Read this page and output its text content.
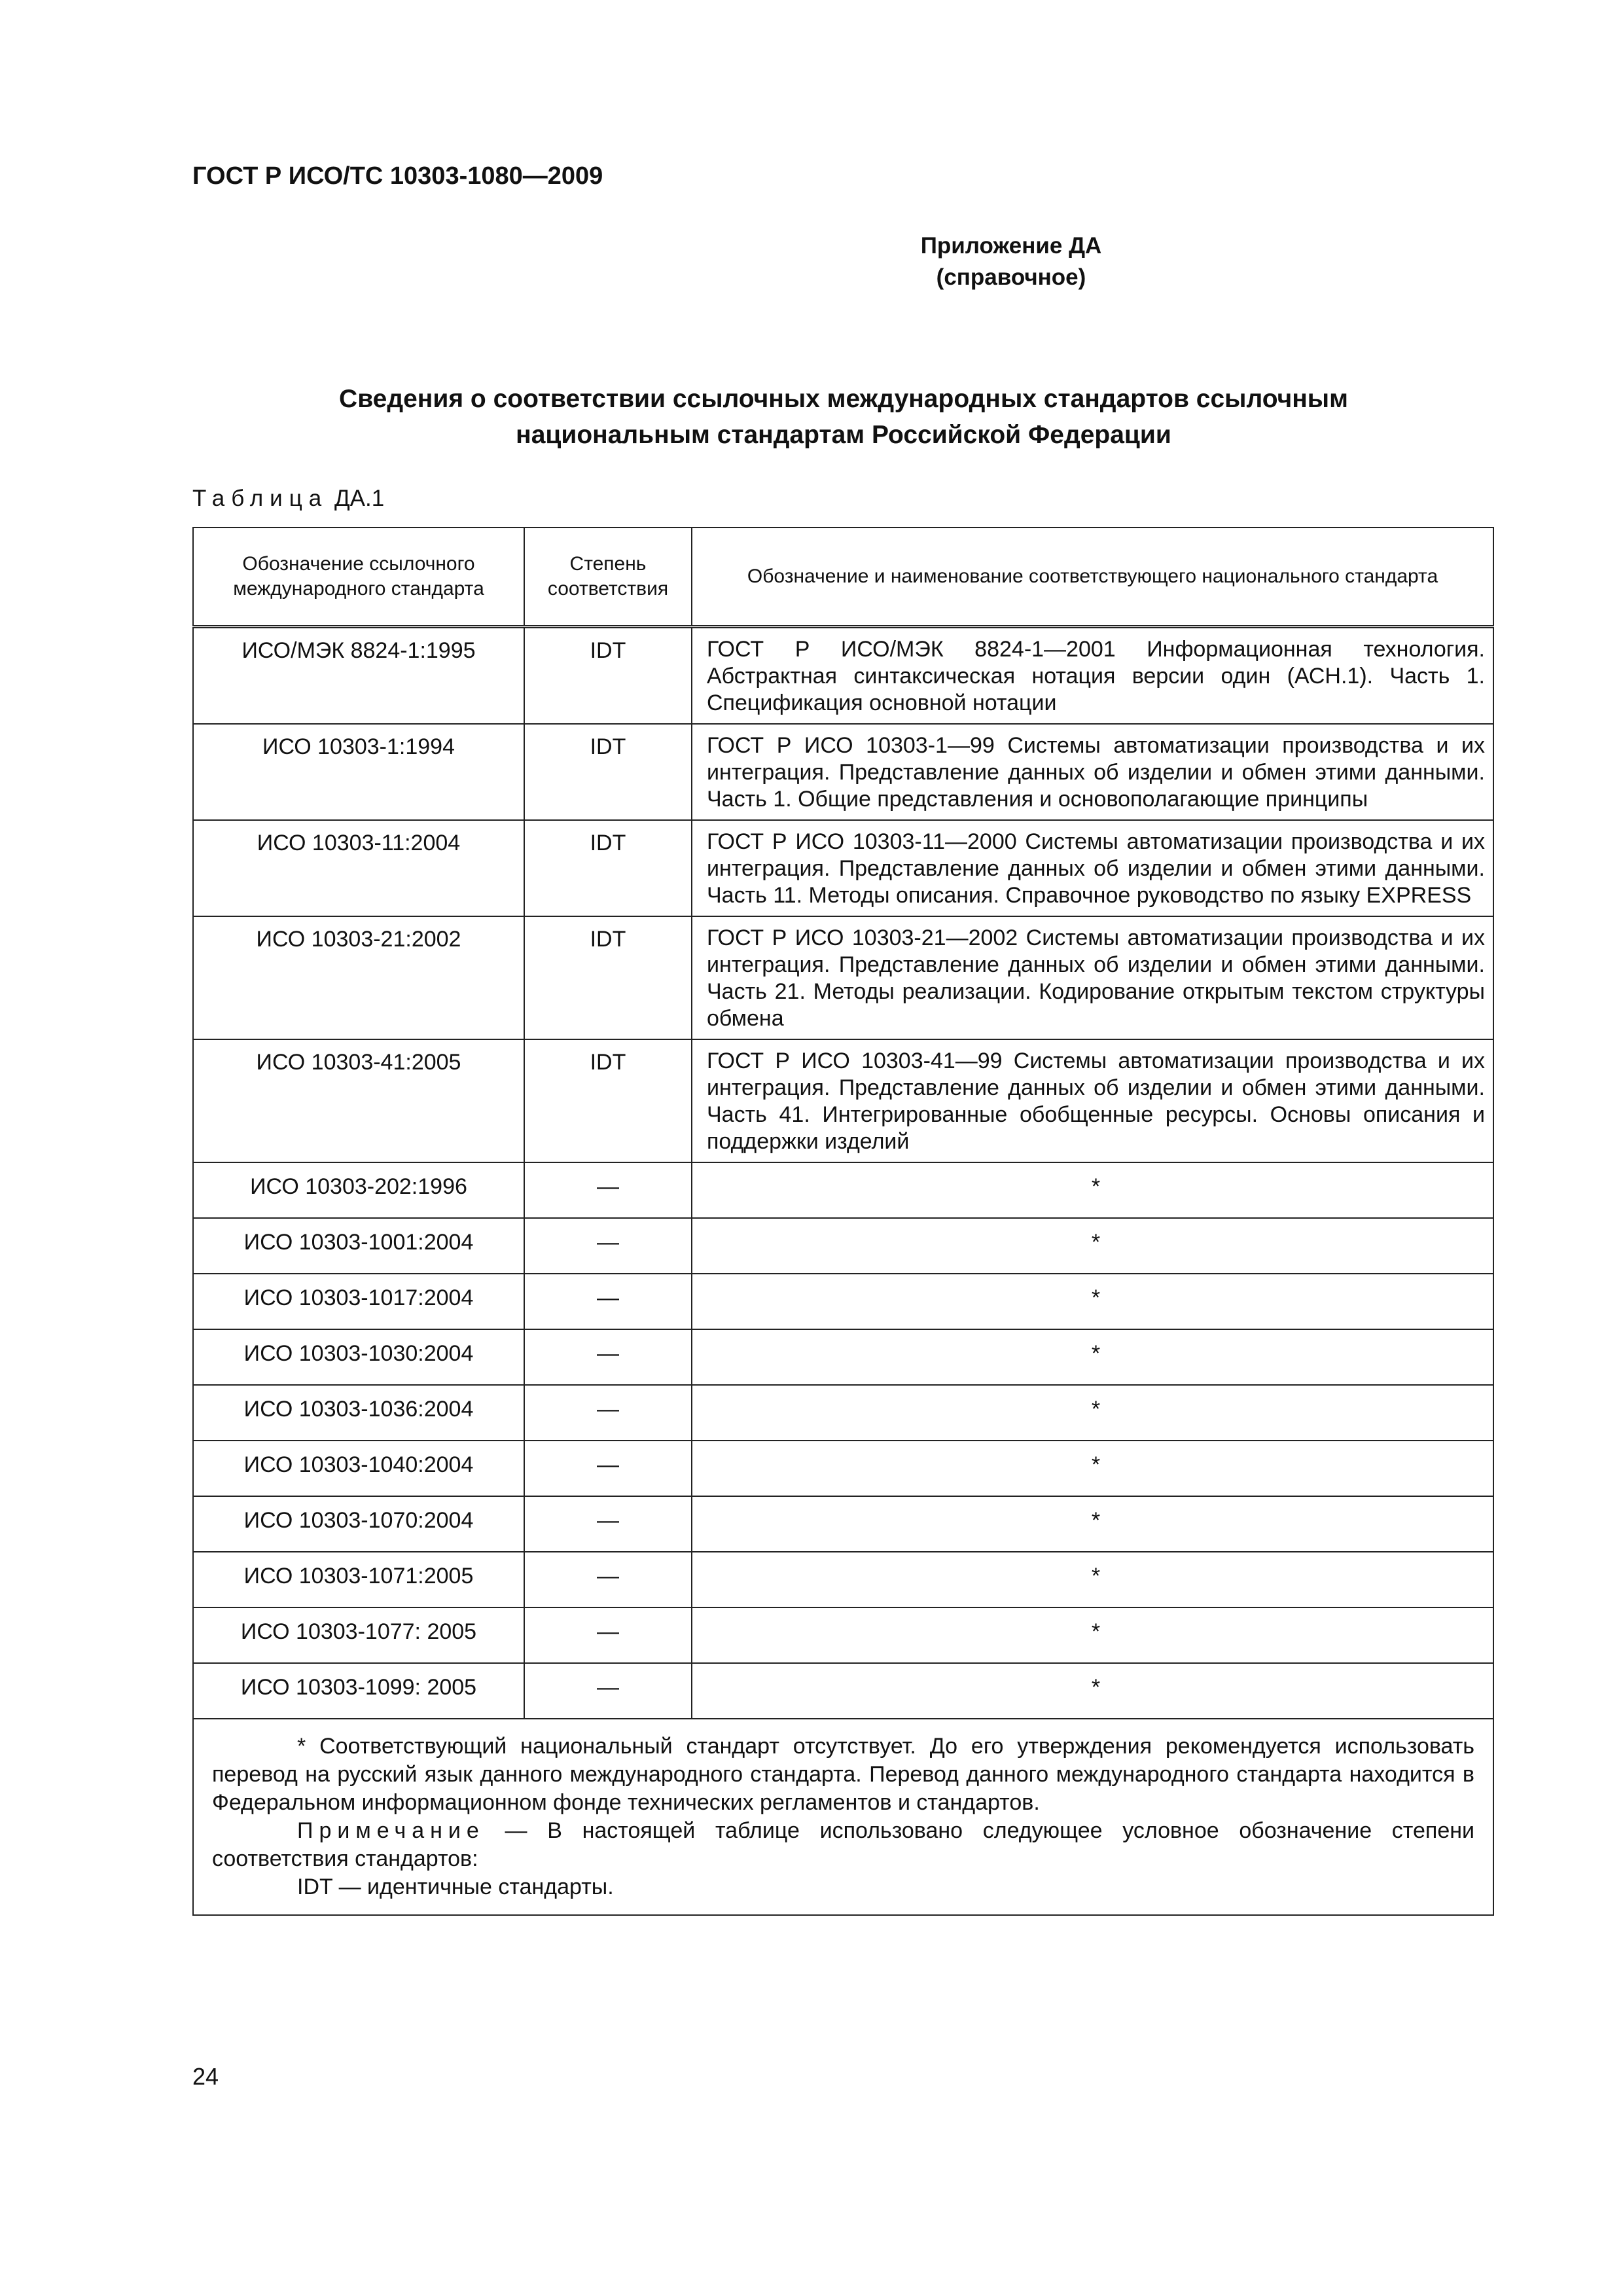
ГОСТ Р ИСО/ТС 10303-1080—2009
Приложение ДА
(справочное)
Сведения о соответствии ссылочных международных стандартов ссылочным
национальным стандартам Российской Федерации
Таблица ДА.1
Обозначение ссылочного международного стандарта	Степень соответствия	Обозначение и наименование соответствующего национального стандарта
ИСО/МЭК 8824-1:1995	IDT	ГОСТ Р ИСО/МЭК 8824-1—2001 Информационная технология. Абстрактная синтаксическая нотация версии один (АСН.1). Часть 1. Спецификация основной нотации
ИСО 10303-1:1994	IDT	ГОСТ Р ИСО 10303-1—99 Системы автоматизации производства и их интеграция. Представление данных об изделии и обмен этими данными. Часть 1. Общие представления и основополагающие принципы
ИСО 10303-11:2004	IDT	ГОСТ Р ИСО 10303-11—2000 Системы автоматизации производства и их интеграция. Представление данных об изделии и обмен этими данными. Часть 11. Методы описания. Справочное руководство по языку EXPRESS
ИСО 10303-21:2002	IDT	ГОСТ Р ИСО 10303-21—2002 Системы автоматизации производства и их интеграция. Представление данных об изделии и обмен этими данными. Часть 21. Методы реализации. Кодирование открытым текстом структуры обмена
ИСО 10303-41:2005	IDT	ГОСТ Р ИСО 10303-41—99 Системы автоматизации производства и их интеграция. Представление данных об изделии и обмен этими данными. Часть 41. Интегрированные обобщенные ресурсы. Основы описания и поддержки изделий
ИСО 10303-202:1996	—	*
ИСО 10303-1001:2004	—	*
ИСО 10303-1017:2004	—	*
ИСО 10303-1030:2004	—	*
ИСО 10303-1036:2004	—	*
ИСО 10303-1040:2004	—	*
ИСО 10303-1070:2004	—	*
ИСО 10303-1071:2005	—	*
ИСО 10303-1077: 2005	—	*
ИСО 10303-1099: 2005	—	*

* Соответствующий национальный стандарт отсутствует. До его утверждения рекомендуется использовать перевод на русский язык данного международного стандарта. Перевод данного международного стандарта находится в Федеральном информационном фонде технических регламентов и стандартов.

Примечание — В настоящей таблице использовано следующее условное обозначение степени соответствия стандартов:

IDT — идентичные стандарты.		

24
